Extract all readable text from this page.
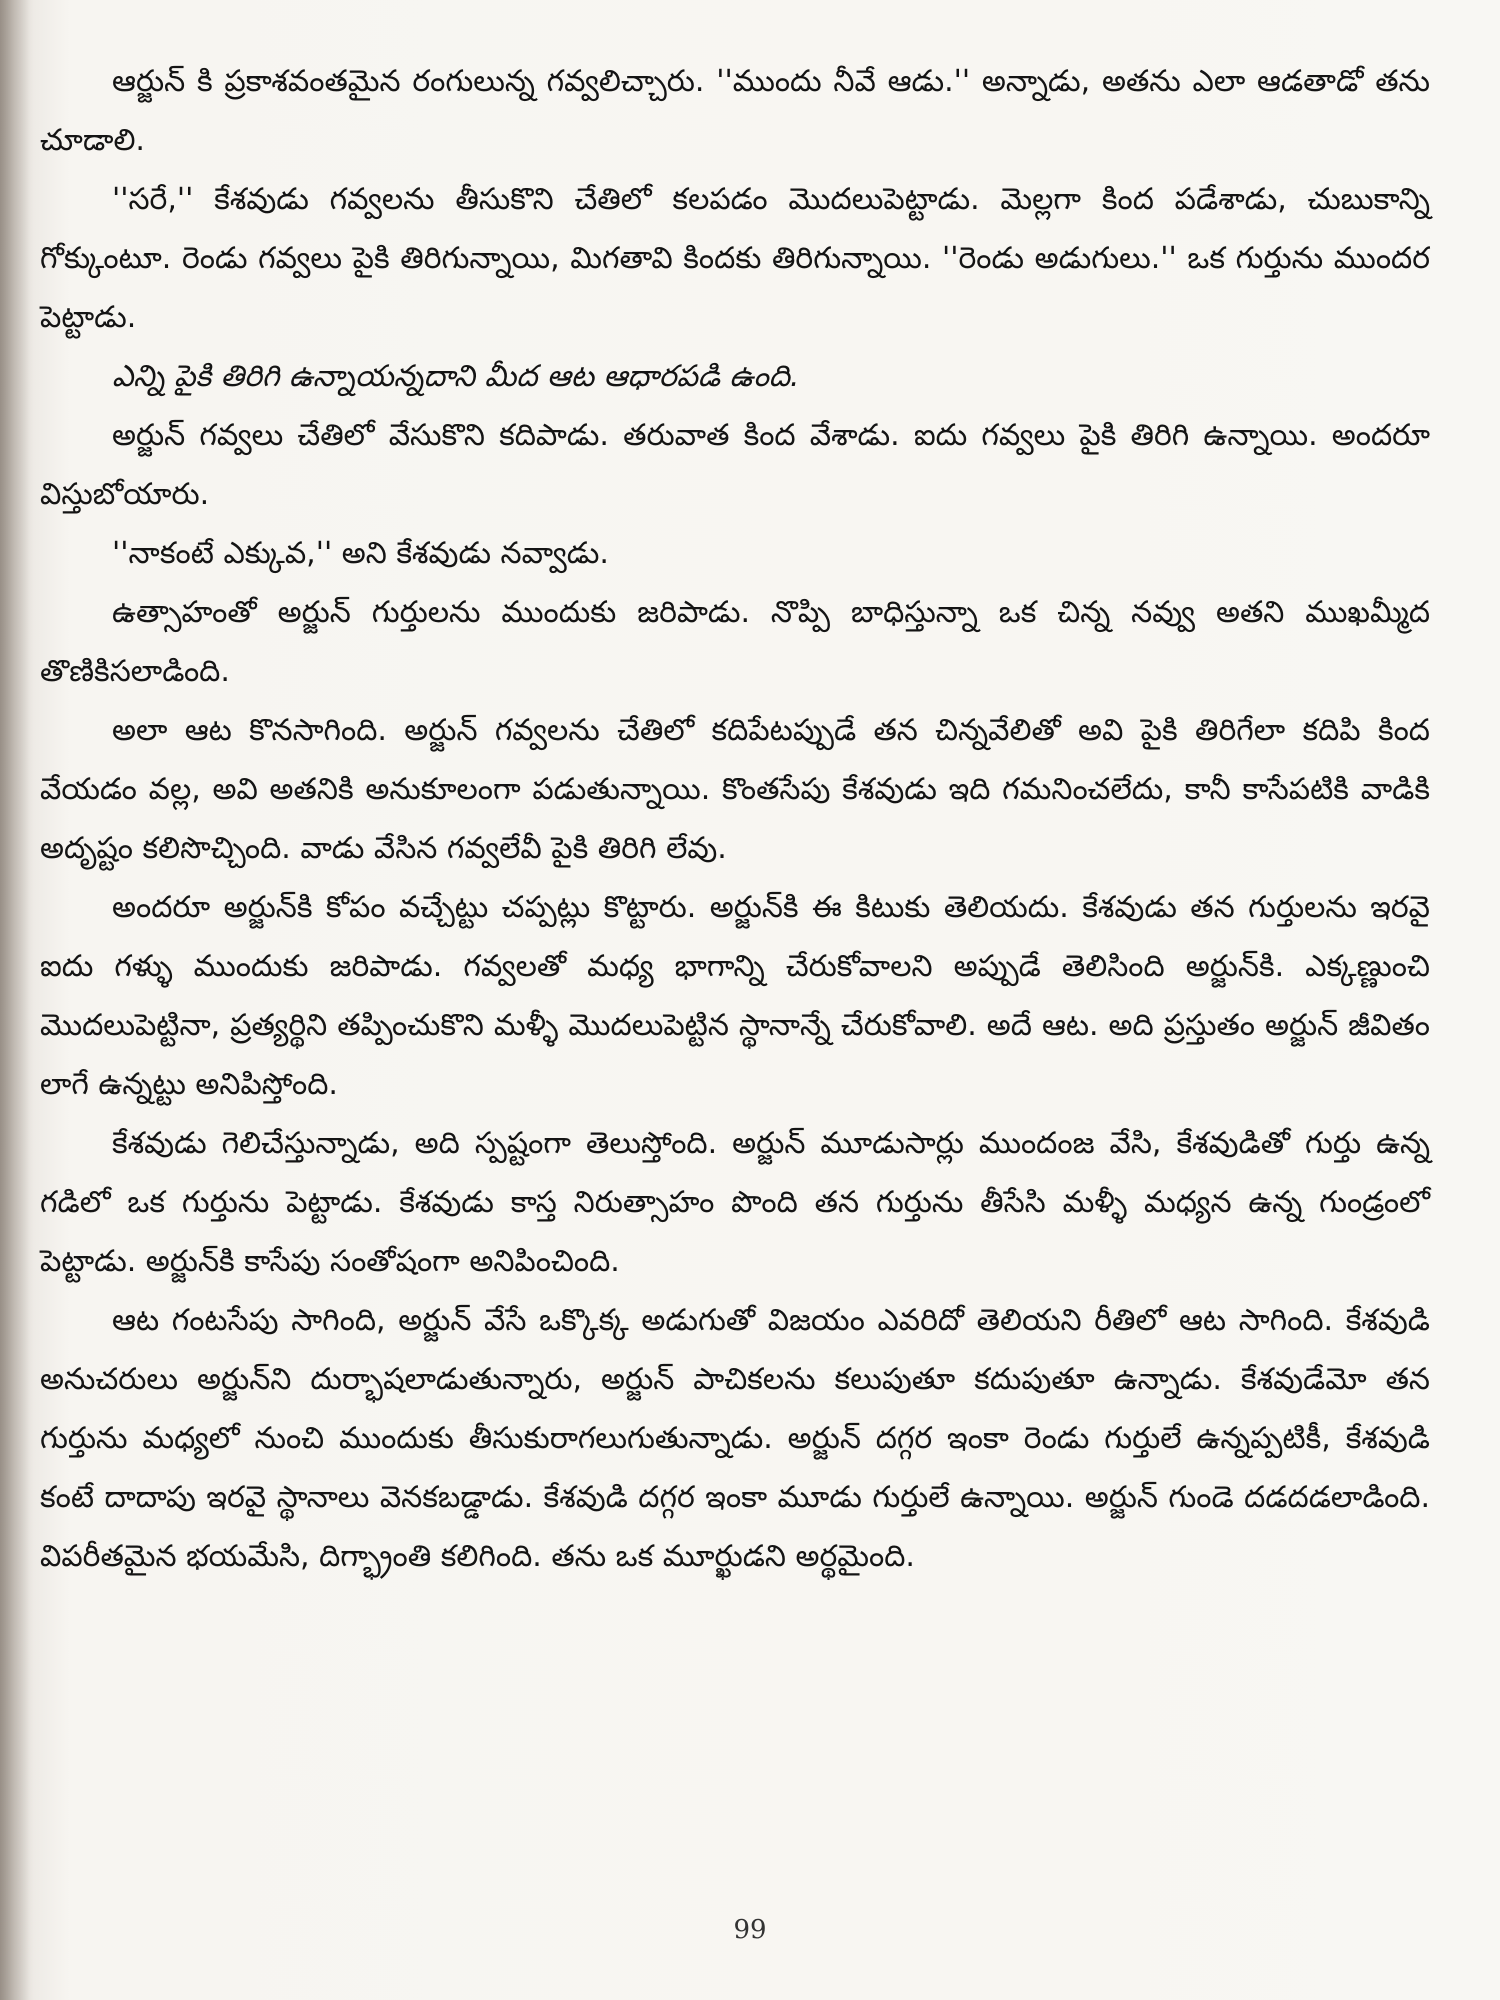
ఆర్జున్ కి ప్రకాశవంతమైన రంగులున్న గవ్వలిచ్చారు. ''ముందు నీవే ఆడు.'' అన్నాడు, అతను ఎలా ఆడతాడో తను చూడాలి.

''సరే,'' కేశవుడు గవ్వలను తీసుకొని చేతిలో కలపడం మొదలుపెట్టాడు. మెల్లగా కింద పడేశాడు, చుబుకాన్ని గోక్కుంటూ. రెండు గవ్వలు పైకి తిరిగున్నాయి, మిగతావి కిందకు తిరిగున్నాయి. ''రెండు అడుగులు.'' ఒక గుర్తును ముందర పెట్టాడు.

ఎన్ని పైకి తిరిగి ఉన్నాయన్నదాని మీద ఆట ఆధారపడి ఉంది.

అర్జున్ గవ్వలు చేతిలో వేసుకొని కదిపాడు. తరువాత కింద వేశాడు. ఐదు గవ్వలు పైకి తిరిగి ఉన్నాయి. అందరూ విస్తుబోయారు.

''నాకంటే ఎక్కువ,'' అని కేశవుడు నవ్వాడు.

ఉత్సాహంతో అర్జున్ గుర్తులను ముందుకు జరిపాడు. నొప్పి బాధిస్తున్నా ఒక చిన్న నవ్వు అతని ముఖమ్మీద తొణికిసలాడింది.

అలా ఆట కొనసాగింది. అర్జున్ గవ్వలను చేతిలో కదిపేటప్పుడే తన చిన్నవేలితో అవి పైకి తిరిగేలా కదిపి కింద వేయడం వల్ల, అవి అతనికి అనుకూలంగా పడుతున్నాయి. కొంతసేపు కేశవుడు ఇది గమనించలేదు, కానీ కాసేపటికి వాడికి అదృష్టం కలిసొచ్చింది. వాడు వేసిన గవ్వలేవీ పైకి తిరిగి లేవు.

అందరూ అర్జున్‌కి కోపం వచ్చేట్టు చప్పట్లు కొట్టారు. అర్జున్‌కి ఈ కిటుకు తెలియదు. కేశవుడు తన గుర్తులను ఇరవై ఐదు గళ్ళు ముందుకు జరిపాడు. గవ్వలతో మధ్య భాగాన్ని చేరుకోవాలని అప్పుడే తెలిసింది అర్జున్‌కి. ఎక్కణ్ణుంచి మొదలుపెట్టినా, ప్రత్యర్థిని తప్పించుకొని మళ్ళీ మొదలుపెట్టిన స్థానాన్నే చేరుకోవాలి. అదే ఆట. అది ప్రస్తుతం అర్జున్ జీవితం లాగే ఉన్నట్టు అనిపిస్తోంది.

కేశవుడు గెలిచేస్తున్నాడు, అది స్పష్టంగా తెలుస్తోంది. అర్జున్ మూడుసార్లు ముందంజ వేసి, కేశవుడితో గుర్తు ఉన్న గడిలో ఒక గుర్తును పెట్టాడు. కేశవుడు కాస్త నిరుత్సాహం పొంది తన గుర్తును తీసేసి మళ్ళీ మధ్యన ఉన్న గుండ్రంలో పెట్టాడు. అర్జున్‌కి కాసేపు సంతోషంగా అనిపించింది.

ఆట గంటసేపు సాగింది, అర్జున్ వేసే ఒక్కొక్క అడుగుతో విజయం ఎవరిదో తెలియని రీతిలో ఆట సాగింది. కేశవుడి అనుచరులు అర్జున్‌ని దుర్భాషలాడుతున్నారు, అర్జున్ పాచికలను కలుపుతూ కదుపుతూ ఉన్నాడు. కేశవుడేమో తన గుర్తును మధ్యలో నుంచి ముందుకు తీసుకురాగలుగుతున్నాడు. అర్జున్ దగ్గర ఇంకా రెండు గుర్తులే ఉన్నప్పటికీ, కేశవుడి కంటే దాదాపు ఇరవై స్థానాలు వెనకబడ్డాడు. కేశవుడి దగ్గర ఇంకా మూడు గుర్తులే ఉన్నాయి. అర్జున్ గుండె దడదడలాడింది. విపరీతమైన భయమేసి, దిగ్భ్రాంతి కలిగింది. తను ఒక మూర్ఖుడని అర్థమైంది.

99
